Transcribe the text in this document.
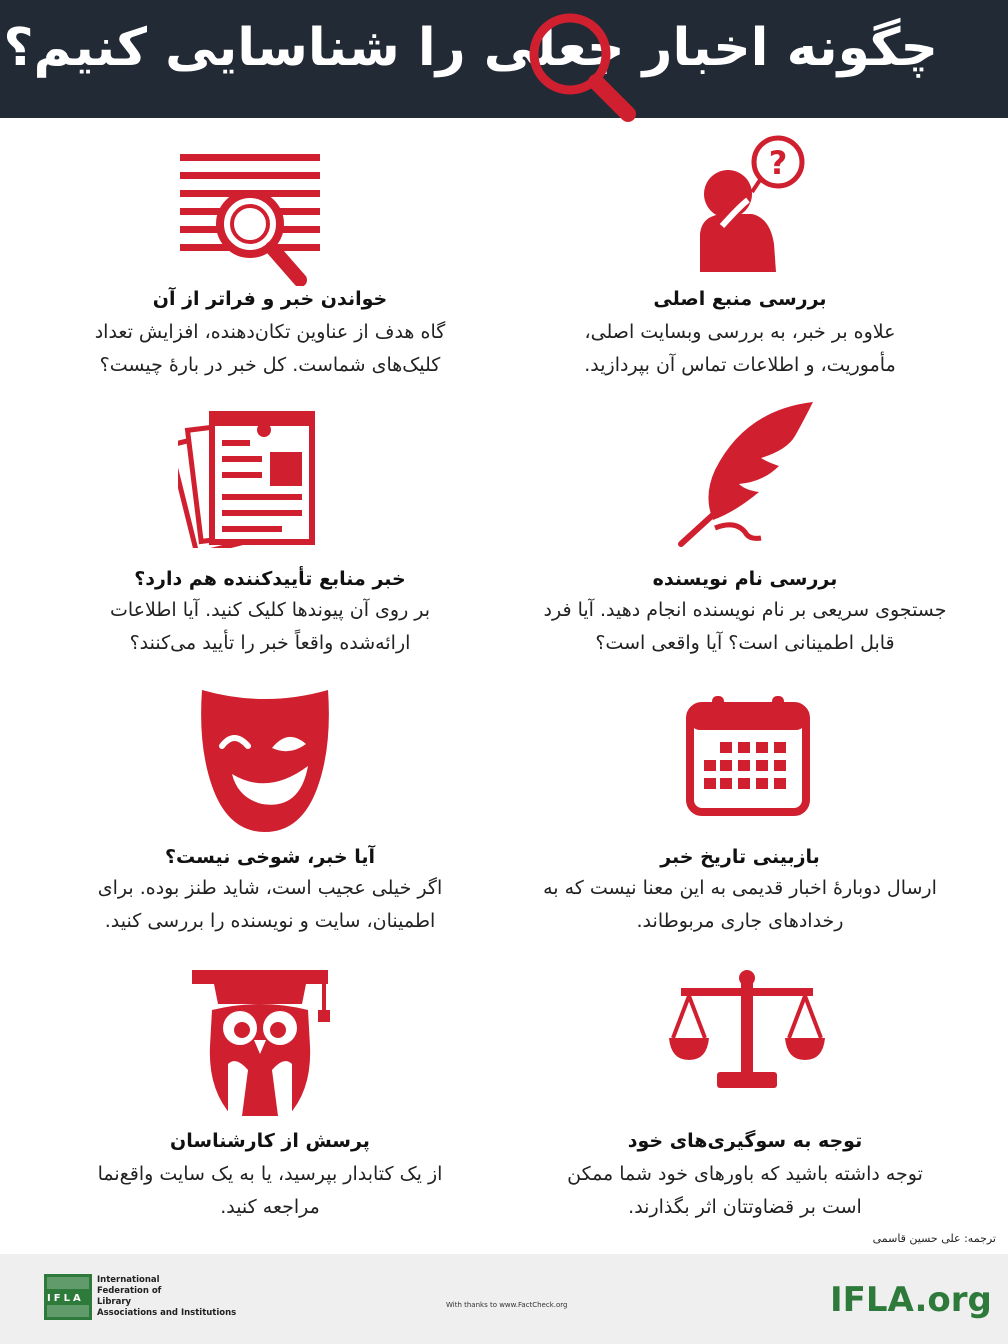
چگونه اخبار جعلی را شناسایی کنیم؟
?
بررسی منبع اصلی
علاوه بر خبر، به بررسی وبسایت اصلی،
مأموریت، و اطلاعات تماس آن بپردازید.
خواندن خبر و فراتر از آن
گاه هدف از عناوین تکان‌دهنده، افزایش تعداد
کلیک‌های شماست. کل خبر در بارهٔ چیست؟
بررسی نام نویسنده
جستجوی سریعی بر نام نویسنده انجام دهید. آیا فرد
قابل اطمینانی است؟ آیا واقعی است؟
خبر منابع تأییدکننده هم دارد؟
بر روی آن پیوندها کلیک کنید. آیا اطلاعات
ارائه‌شده واقعاً خبر را تأیید می‌کنند؟
بازبینی تاریخ خبر
ارسال دوبارهٔ اخبار قدیمی به این معنا نیست که به
رخدادهای جاری مربوطاند.
آیا خبر، شوخی نیست؟
اگر خیلی عجیب است، شاید طنز بوده. برای
اطمینان، سایت و نویسنده را بررسی کنید.
توجه به سوگیری‌های خود
توجه داشته باشید که باورهای خود شما ممکن
است بر قضاوتتان اثر بگذارند.
پرسش از کارشناسان
از یک کتابدار بپرسید، یا به یک سایت واقع‌نما
مراجعه کنید.
ترجمه: علی حسین قاسمی
I F L A
International
Federation of
Library
Associations and Institutions
With thanks to www.FactCheck.org	IFLA.org
